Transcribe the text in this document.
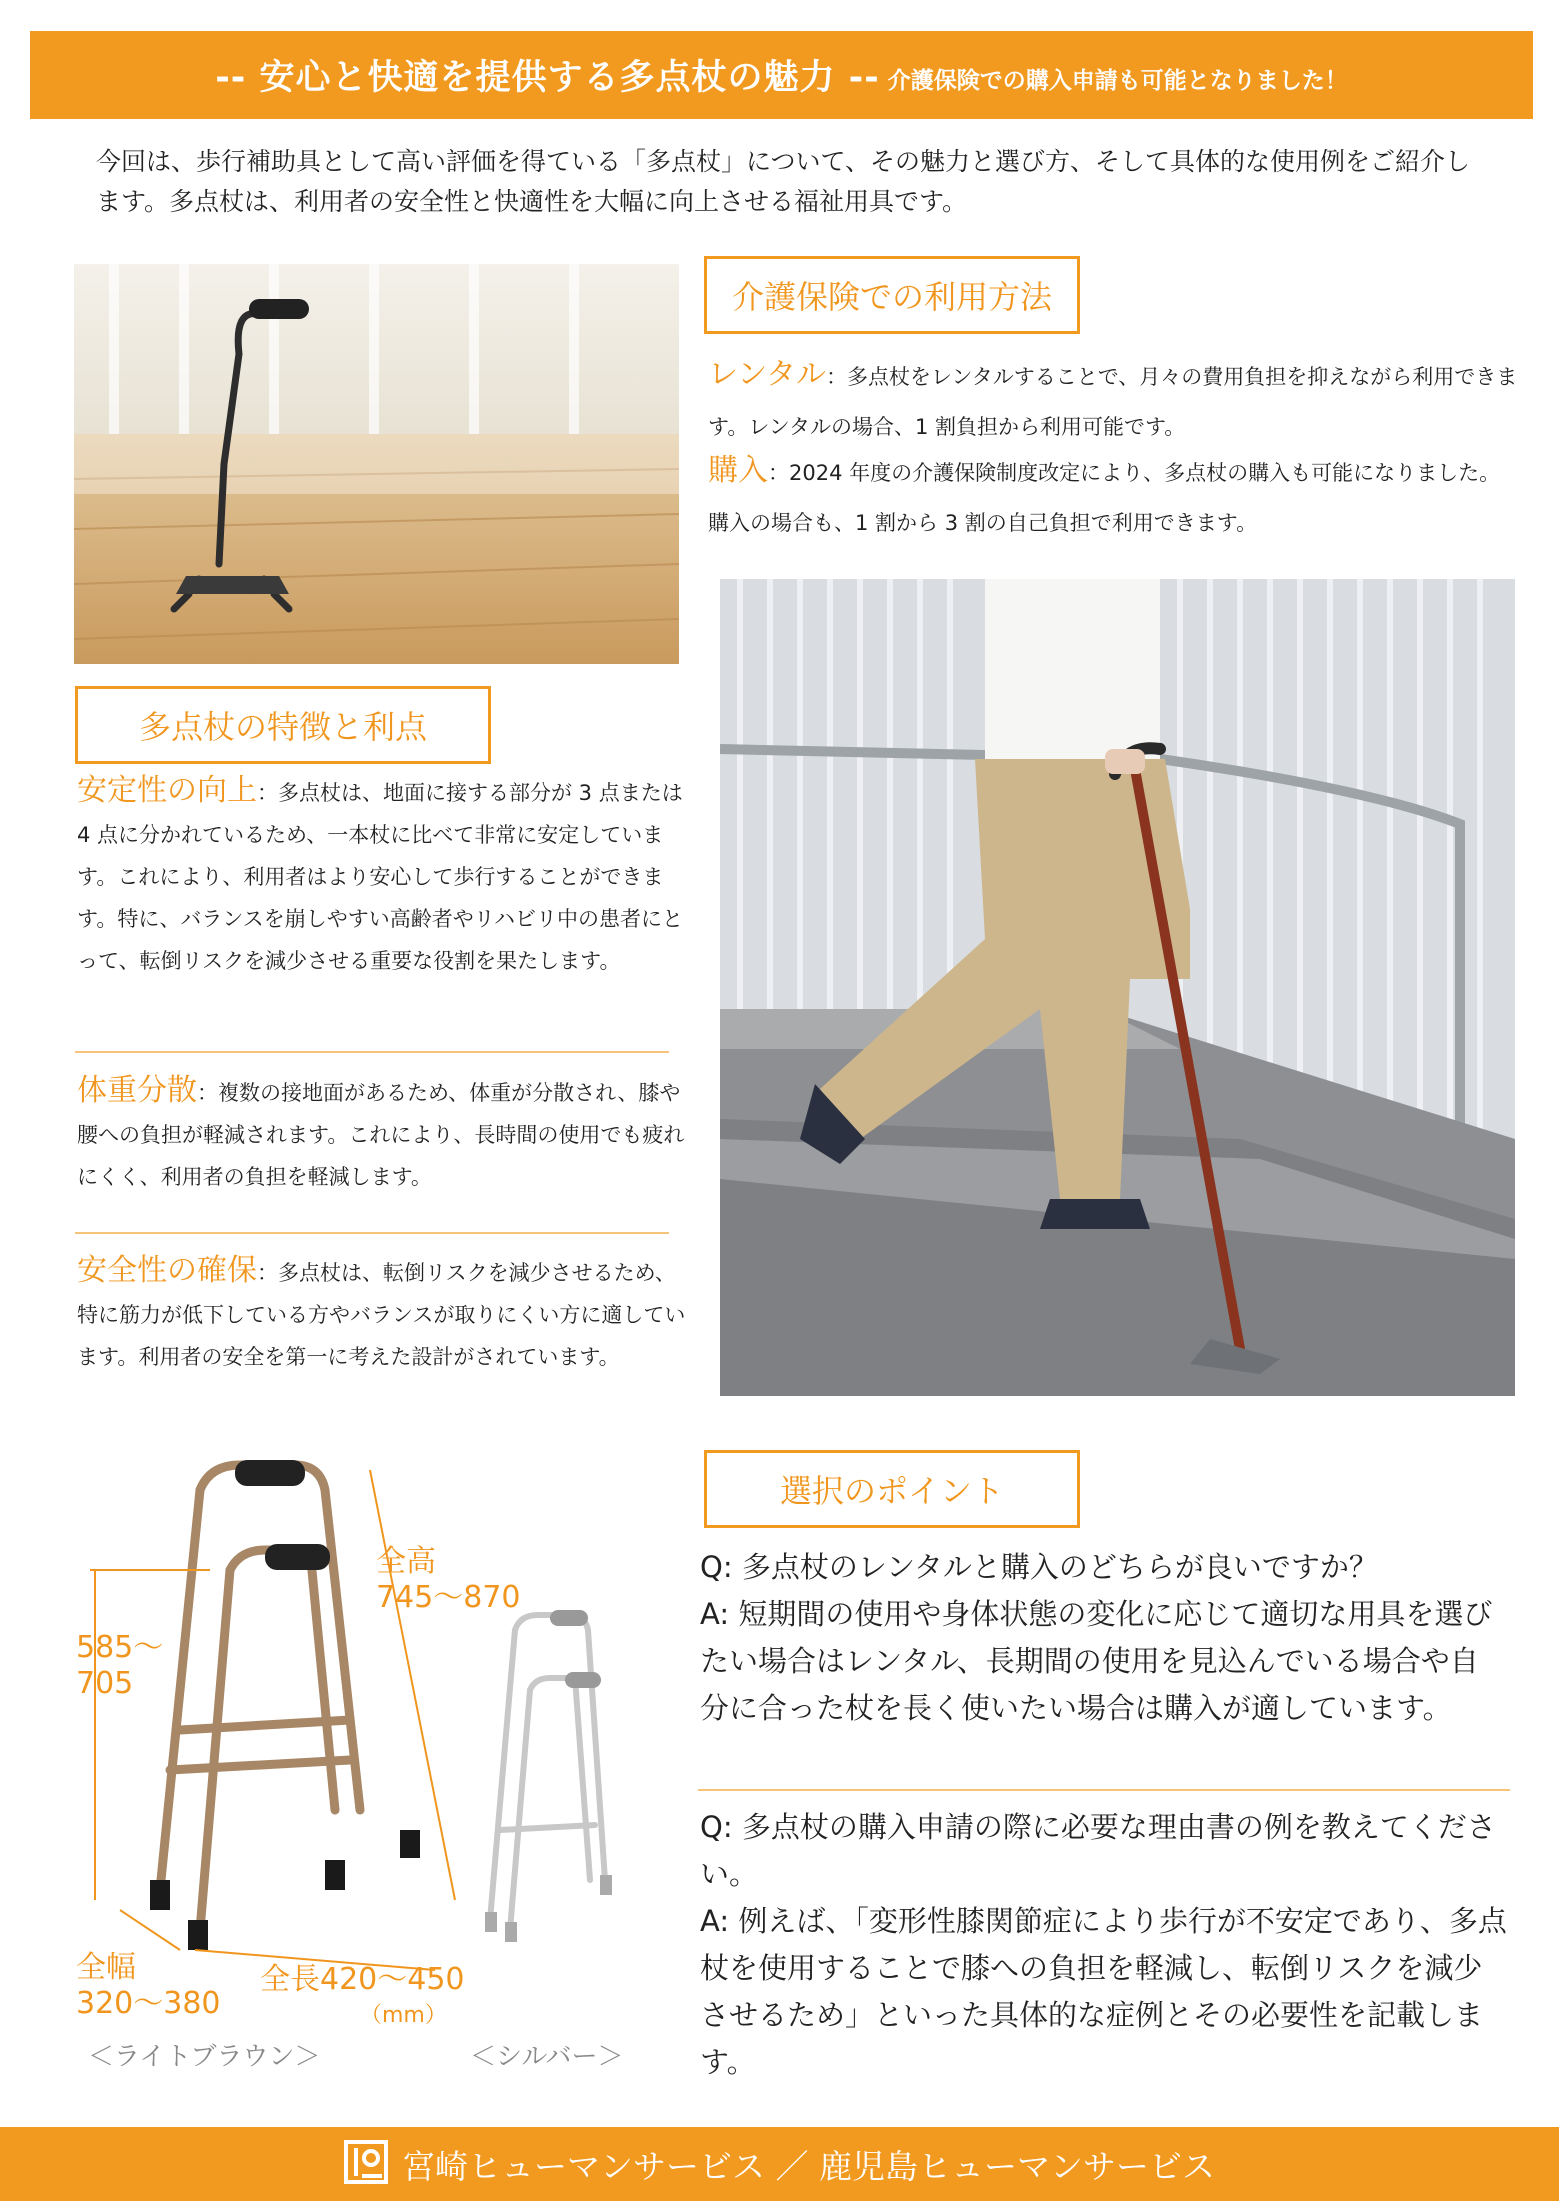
-- 安心と快適を提供する多点杖の魅力 -- 介護保険での購入申請も可能となりました！
今回は、歩行補助具として高い評価を得ている「多点杖」について、その魅力と選び方、そして具体的な使用例をご紹介します。多点杖は、利用者の安全性と快適性を大幅に向上させる福祉用具です。
多点杖の特徴と利点
安定性の向上：多点杖は、地面に接する部分が 3 点または 4 点に分かれているため、一本杖に比べて非常に安定しています。これにより、利用者はより安心して歩行することができます。特に、バランスを崩しやすい高齢者やリハビリ中の患者にとって、転倒リスクを減少させる重要な役割を果たします。
体重分散：複数の接地面があるため、体重が分散され、膝や腰への負担が軽減されます。これにより、長時間の使用でも疲れにくく、利用者の負担を軽減します。
安全性の確保：多点杖は、転倒リスクを減少させるため、特に筋力が低下している方やバランスが取りにくい方に適しています。利用者の安全を第一に考えた設計がされています。
介護保険での利用方法
レンタル：多点杖をレンタルすることで、月々の費用負担を抑えながら利用できます。レンタルの場合、1 割負担から利用可能です。
購入：2024 年度の介護保険制度改定により、多点杖の購入も可能になりました。購入の場合も、1 割から 3 割の自己負担で利用できます。
全高
745〜870
585〜
705
全幅
320〜380
全長420〜450
（mm）
＜ライトブラウン＞	＜シルバー＞
選択のポイント
Q: 多点杖のレンタルと購入のどちらが良いですか？
A: 短期間の使用や身体状態の変化に応じて適切な用具を選びたい場合はレンタル、長期間の使用を見込んでいる場合や自分に合った杖を長く使いたい場合は購入が適しています。
Q: 多点杖の購入申請の際に必要な理由書の例を教えてください。
A: 例えば、「変形性膝関節症により歩行が不安定であり、多点杖を使用することで膝への負担を軽減し、転倒リスクを減少させるため」といった具体的な症例とその必要性を記載します。
宮崎ヒューマンサービス ／ 鹿児島ヒューマンサービス
